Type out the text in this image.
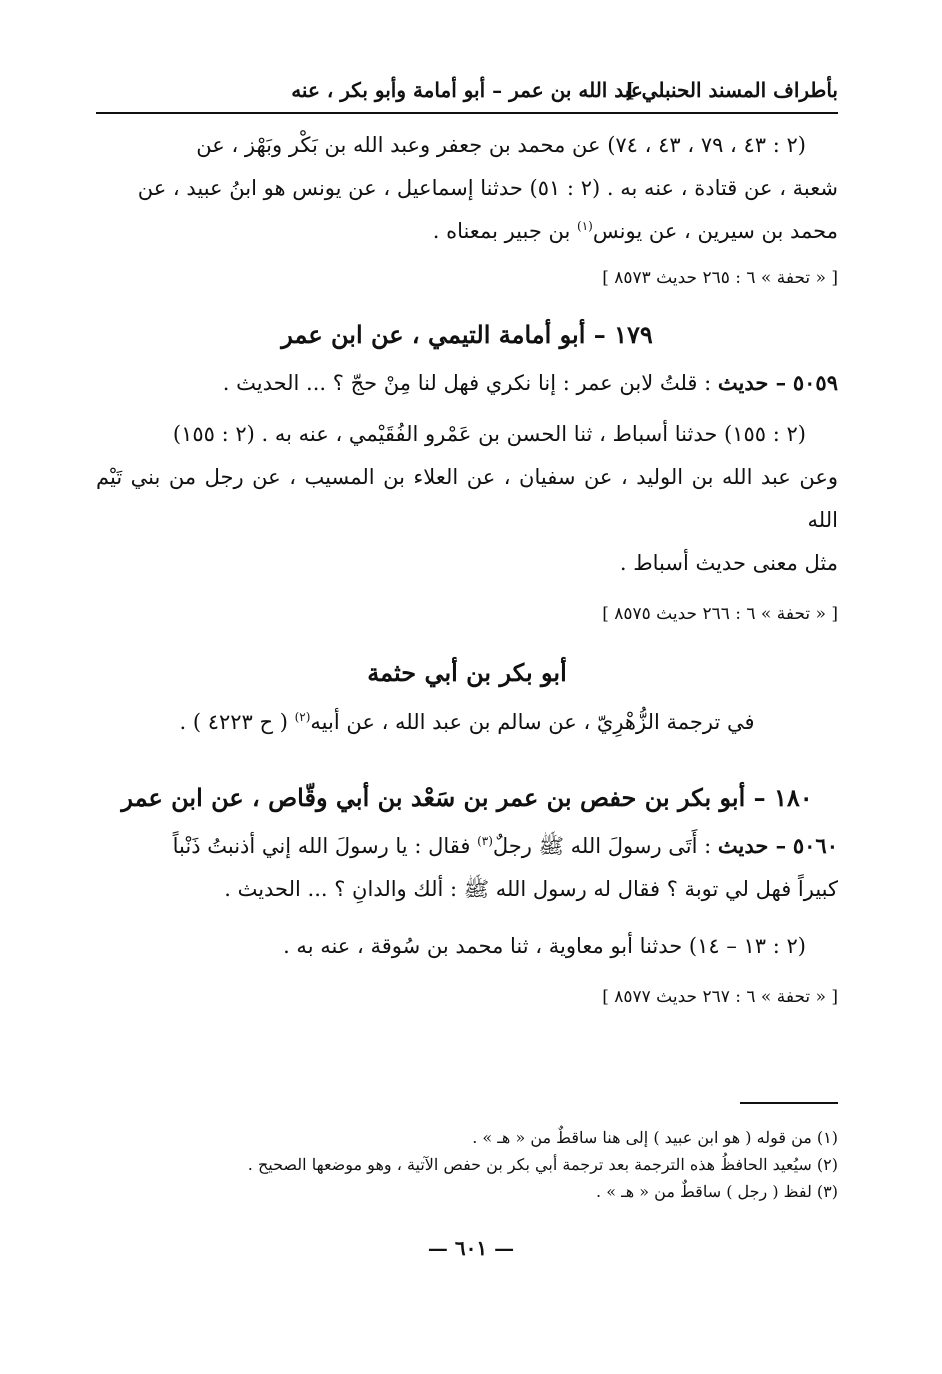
بأطراف المسند الحنبلي ]
عبد الله بن عمر – أبو أمامة وأبو بكر ، عنه

(٢ : ٤٣ ، ٧٩ ، ٤٣ ، ٧٤) عن محمد بن جعفر وعبد الله بن بَكْر وبَهْز ، عن

شعبة ، عن قتادة ، عنه به . (٢ : ٥١) حدثنا إسماعيل ، عن يونس هو ابنُ عبيد ، عن

محمد بن سيرين ، عن يونس$^{(١)}$ بن جبير بمعناه .

[ « تحفة » ٦ : ٢٦٥ حديث ٨٥٧٣ ]
١٧٩ – أبو أمامة التيمي ، عن ابن عمر

٥٠٥٩ – حديث : قلتُ لابن عمر : إنا نكري فهل لنا مِنْ حجّ ؟ ... الحديث .

(٢ : ١٥٥) حدثنا أسباط ، ثنا الحسن بن عَمْرو الفُقَيْمي ، عنه به . (٢ : ١٥٥)

وعن عبد الله بن الوليد ، عن سفيان ، عن العلاء بن المسيب ، عن رجل من بني تَيْم الله

مثل معنى حديث أسباط .

[ « تحفة » ٦ : ٢٦٦ حديث ٨٥٧٥ ]
أبو بكر بن أبي حثمة

في ترجمة الزُّهْرِيّ ، عن سالم بن عبد الله ، عن أبيه$^{(٢)}$ ( ح ٤٢٢٣ ) .

١٨٠ – أبو بكر بن حفص بن عمر بن سَعْد بن أبي وقّاص ، عن ابن عمر

٥٠٦٠ – حديث : أَتَى رسولَ الله ﷺ رجلٌ$^{(٣)}$ فقال : يا رسولَ الله إني أذنبتُ ذَنْباً

كبيراً فهل لي توبة ؟ فقال له رسول الله ﷺ : ألك والدانِ ؟ ... الحديث .

(٢ : ١٣ – ١٤) حدثنا أبو معاوية ، ثنا محمد بن سُوقة ، عنه به .

[ « تحفة » ٦ : ٢٦٧ حديث ٨٥٧٧ ]

(١) من قوله ( هو ابن عبيد ) إلى هنا ساقطٌ من « هـ » .

(٢) سيُعيد الحافظُ هذه الترجمة بعد ترجمة أبي بكر بن حفص الآتية ، وهو موضعها الصحيح .

(٣) لفظ ( رجل ) ساقطٌ من « هـ » .

— ٦٠١ —
